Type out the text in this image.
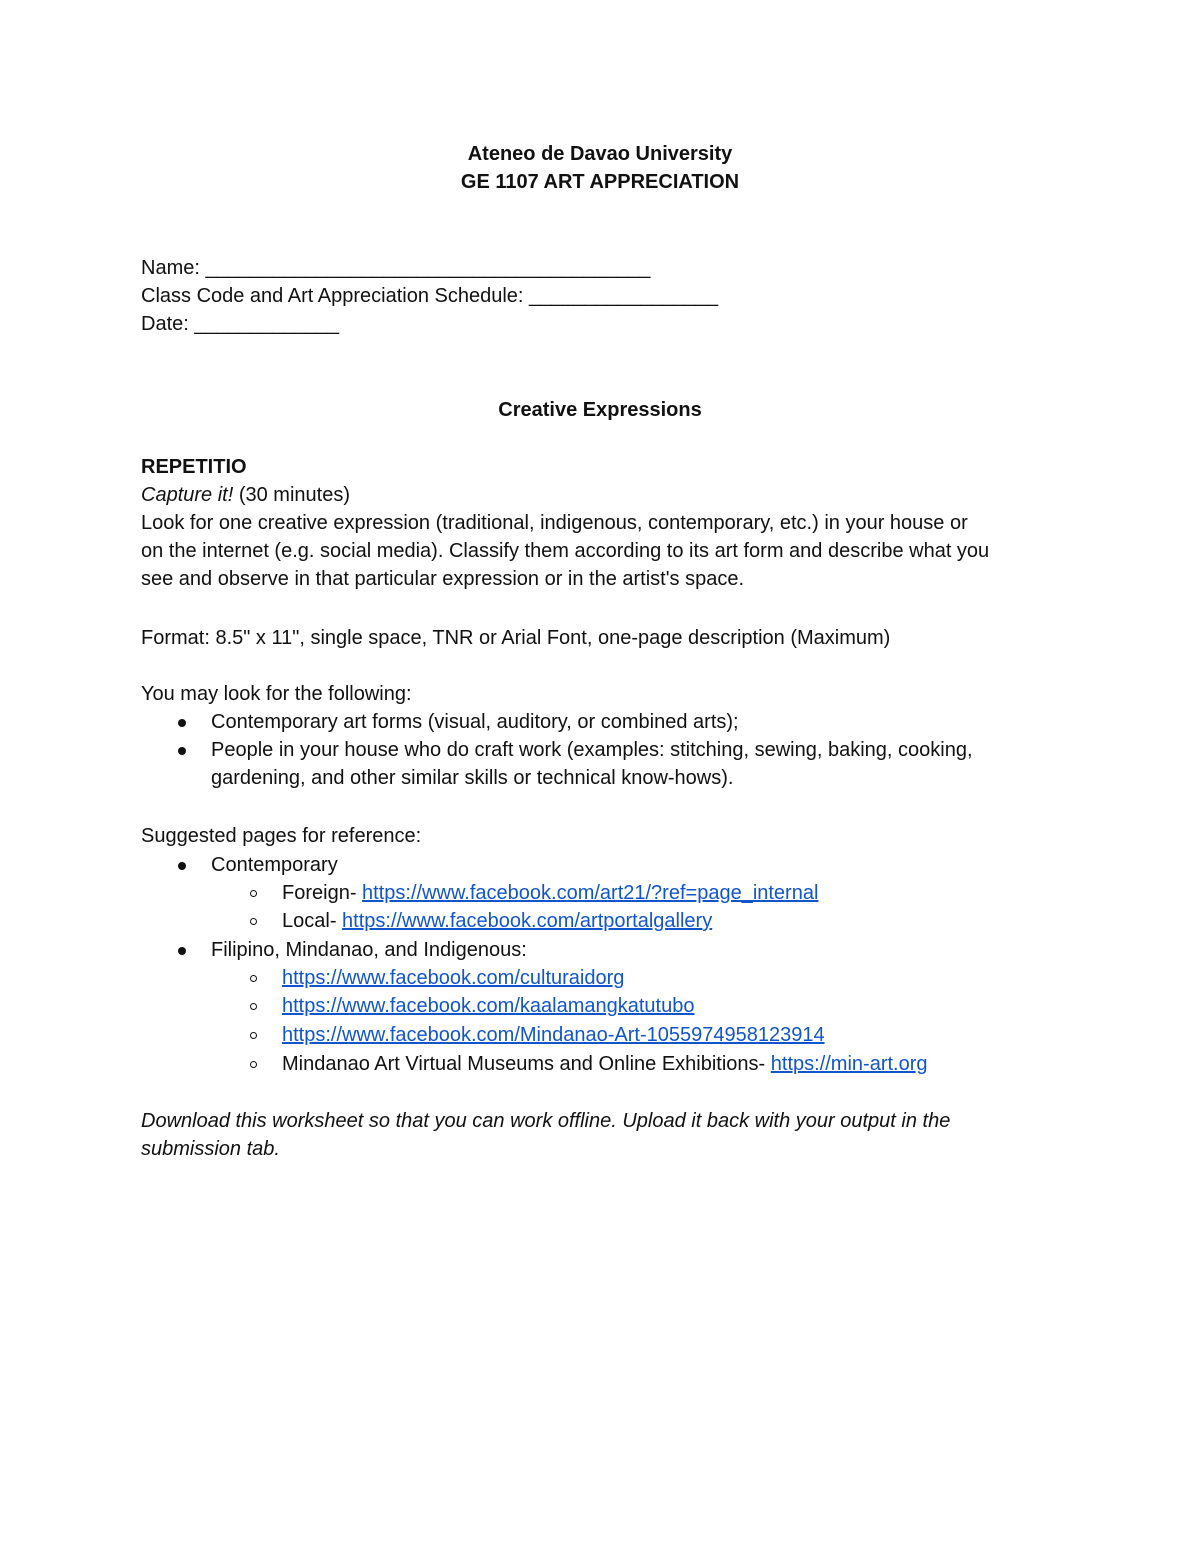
Ateneo de Davao University
GE 1107 ART APPRECIATION
Name: ________________________________________
Class Code and Art Appreciation Schedule: _________________
Date: _____________
Creative Expressions
REPETITIO
Capture it! (30 minutes)
Look for one creative expression (traditional, indigenous, contemporary, etc.) in your house or
on the internet (e.g. social media). Classify them according to its art form and describe what you
see and observe in that particular expression or in the artist's space.
Format: 8.5" x 11", single space, TNR or Arial Font, one-page description (Maximum)
You may look for the following:
Contemporary art forms (visual, auditory, or combined arts);
People in your house who do craft work (examples: stitching, sewing, baking, cooking,
gardening, and other similar skills or technical know-hows).
Suggested pages for reference:
Contemporary
Foreign- https://www.facebook.com/art21/?ref=page_internal
Local- https://www.facebook.com/artportalgallery
Filipino, Mindanao, and Indigenous:
https://www.facebook.com/culturaidorg
https://www.facebook.com/kaalamangkatutubo
https://www.facebook.com/Mindanao-Art-1055974958123914
Mindanao Art Virtual Museums and Online Exhibitions- https://min-art.org
Download this worksheet so that you can work offline. Upload it back with your output in the
submission tab.
